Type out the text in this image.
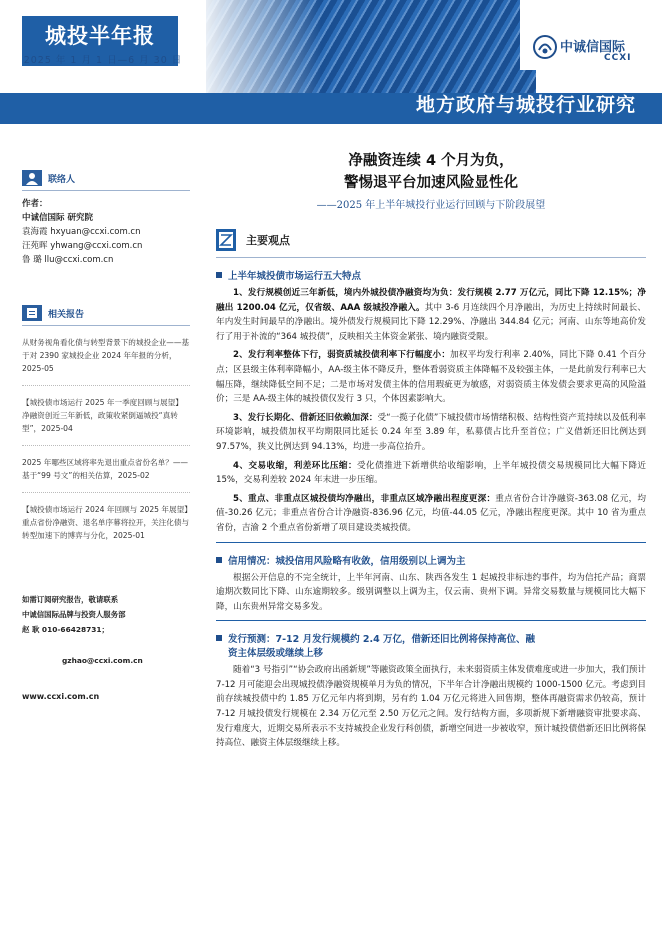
城投半年报
2025 年 1 月 1 日—6 月 30 日
中诚信国际
CCXI
地方政府与城投行业研究
联络人
作者：
中诚信国际 研究院
袁海霞 hxyuan@ccxi.com.cn
汪苑晖 yhwang@ccxi.com.cn
鲁 璐 llu@ccxi.com.cn
相关报告
从财务视角看化债与转型背景下的城投企业——基于对 2390 家城投企业 2024 年年报的分析，2025-05
【城投债市场运行 2025 年一季度回顾与展望】净融资创近三年新低，政策收紧倒逼城投“真转型”，2025-04
2025 年哪些区域将率先退出重点省份名单？——基于“99 号文”的相关估算，2025-02
【城投债市场运行 2024 年回顾与 2025 年展望】重点省份净融资、退名单序幕将拉开，关注化债与转型加速下的博弈与分化，2025-01
如需订阅研究报告，敬请联系
中诚信国际品牌与投资人服务部
赵 耿 010-66428731；
gzhao@ccxi.com.cn
www.ccxi.com.cn
净融资连续 4 个月为负，
警惕退平台加速风险显性化
——2025 年上半年城投行业运行回顾与下阶段展望
主要观点
上半年城投债市场运行五大特点
1、发行规模创近三年新低，境内外城投债净融资均为负：发行规模 2.77 万亿元，同比下降 12.15%；净融出 1200.04 亿元，仅省级、AAA 级城投净融入。其中 3-6 月连续四个月净融出，为历史上持续时间最长、年内发生时间最早的净融出。境外债发行规模同比下降 12.29%、净融出 344.84 亿元；河南、山东等地高价发行了用于补流的“364 城投债”，反映相关主体资金紧张、境内融资受限。
2、发行利率整体下行，弱资质城投债利率下行幅度小：加权平均发行利率 2.40%，同比下降 0.41 个百分点；区县级主体利率降幅小，AA-级主体不降反升，整体看弱资质主体降幅不及较强主体，一是此前发行利率已大幅压降，继续降低空间不足；二是市场对发债主体的信用瑕疵更为敏感，对弱资质主体发债会要求更高的风险溢价；三是 AA-级主体的城投债仅发行 3 只，个体因素影响大。
3、发行长期化、借新还旧依赖加深：受“一揽子化债”下城投债市场情绪积极、结构性资产荒持续以及低利率环境影响，城投债加权平均期限同比延长 0.24 年至 3.89 年，私募债占比升至首位；广义借新还旧比例达到 97.57%，狭义比例达到 94.13%，均进一步高位抬升。
4、交易收缩，利差环比压缩：受化债推进下新增供给收缩影响，上半年城投债交易规模同比大幅下降近 15%，交易利差较 2024 年末进一步压缩。
5、重点、非重点区城投债均净融出，非重点区域净融出程度更深：重点省份合计净融资-363.08 亿元，均值-30.26 亿元；非重点省份合计净融资-836.96 亿元，均值-44.05 亿元，净融出程度更深。其中 10 省为重点省份，吉渝 2 个重点省份新增了项目建设类城投债。
信用情况：城投信用风险略有收敛，信用级别以上调为主
根据公开信息的不完全统计，上半年河南、山东、陕西各发生 1 起城投非标违约事件，均为信托产品；商票逾期次数同比下降、山东逾期较多。级别调整以上调为主，仅云南、贵州下调。异常交易数量与规模同比大幅下降，山东贵州异常交易多发。
发行预测：7-12 月发行规模约 2.4 万亿，借新还旧比例将保持高位、融
资主体层级或继续上移
随着“3 号指引”“协会政府出函新规”等融资政策全面执行，未来弱资质主体发债难度或进一步加大，我们预计 7-12 月可能迎会出现城投债净融资规模单月为负的情况，下半年合计净融出规模约 1000-1500 亿元。考虑到目前存续城投债中约 1.85 万亿元年内将到期，另有约 1.04 万亿元将进入回售期，整体再融资需求仍较高，预计 7-12 月城投债发行规模在 2.34 万亿元至 2.50 万亿元之间。发行结构方面，多项新规下新增融资审批要求高、发行难度大，近期交易所表示不支持城投企业发行科创债，新增空间进一步被收窄，预计城投债借新还旧比例将保持高位、融资主体层级继续上移。
